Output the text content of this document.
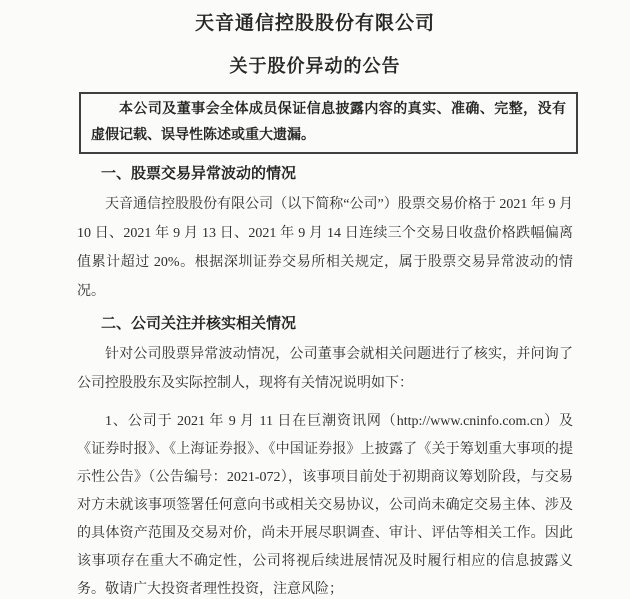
天音通信控股股份有限公司
关于股价异动的公告

本公司及董事会全体成员保证信息披露内容的真实、准确、完整，没有虚假记载、误导性陈述或重大遗漏。

一、股票交易异常波动的情况

天音通信控股股份有限公司（以下简称“公司”）股票交易价格于 2021 年 9 月 10 日、2021 年 9 月 13 日、2021 年 9 月 14 日连续三个交易日收盘价格跌幅偏离值累计超过 20%。根据深圳证券交易所相关规定，属于股票交易异常波动的情况。

二、公司关注并核实相关情况

针对公司股票异常波动情况，公司董事会就相关问题进行了核实，并问询了公司控股股东及实际控制人，现将有关情况说明如下：

1、公司于 2021 年 9 月 11 日在巨潮资讯网（http://www.cninfo.com.cn）及《证券时报》、《上海证券报》、《中国证券报》上披露了《关于筹划重大事项的提示性公告》（公告编号：2021-072），该事项目前处于初期商议筹划阶段，与交易对方未就该事项签署任何意向书或相关交易协议，公司尚未确定交易主体、涉及的具体资产范围及交易对价，尚未开展尽职调查、审计、评估等相关工作。因此该事项存在重大不确定性，公司将视后续进展情况及时履行相应的信息披露义务。敬请广大投资者理性投资，注意风险；
